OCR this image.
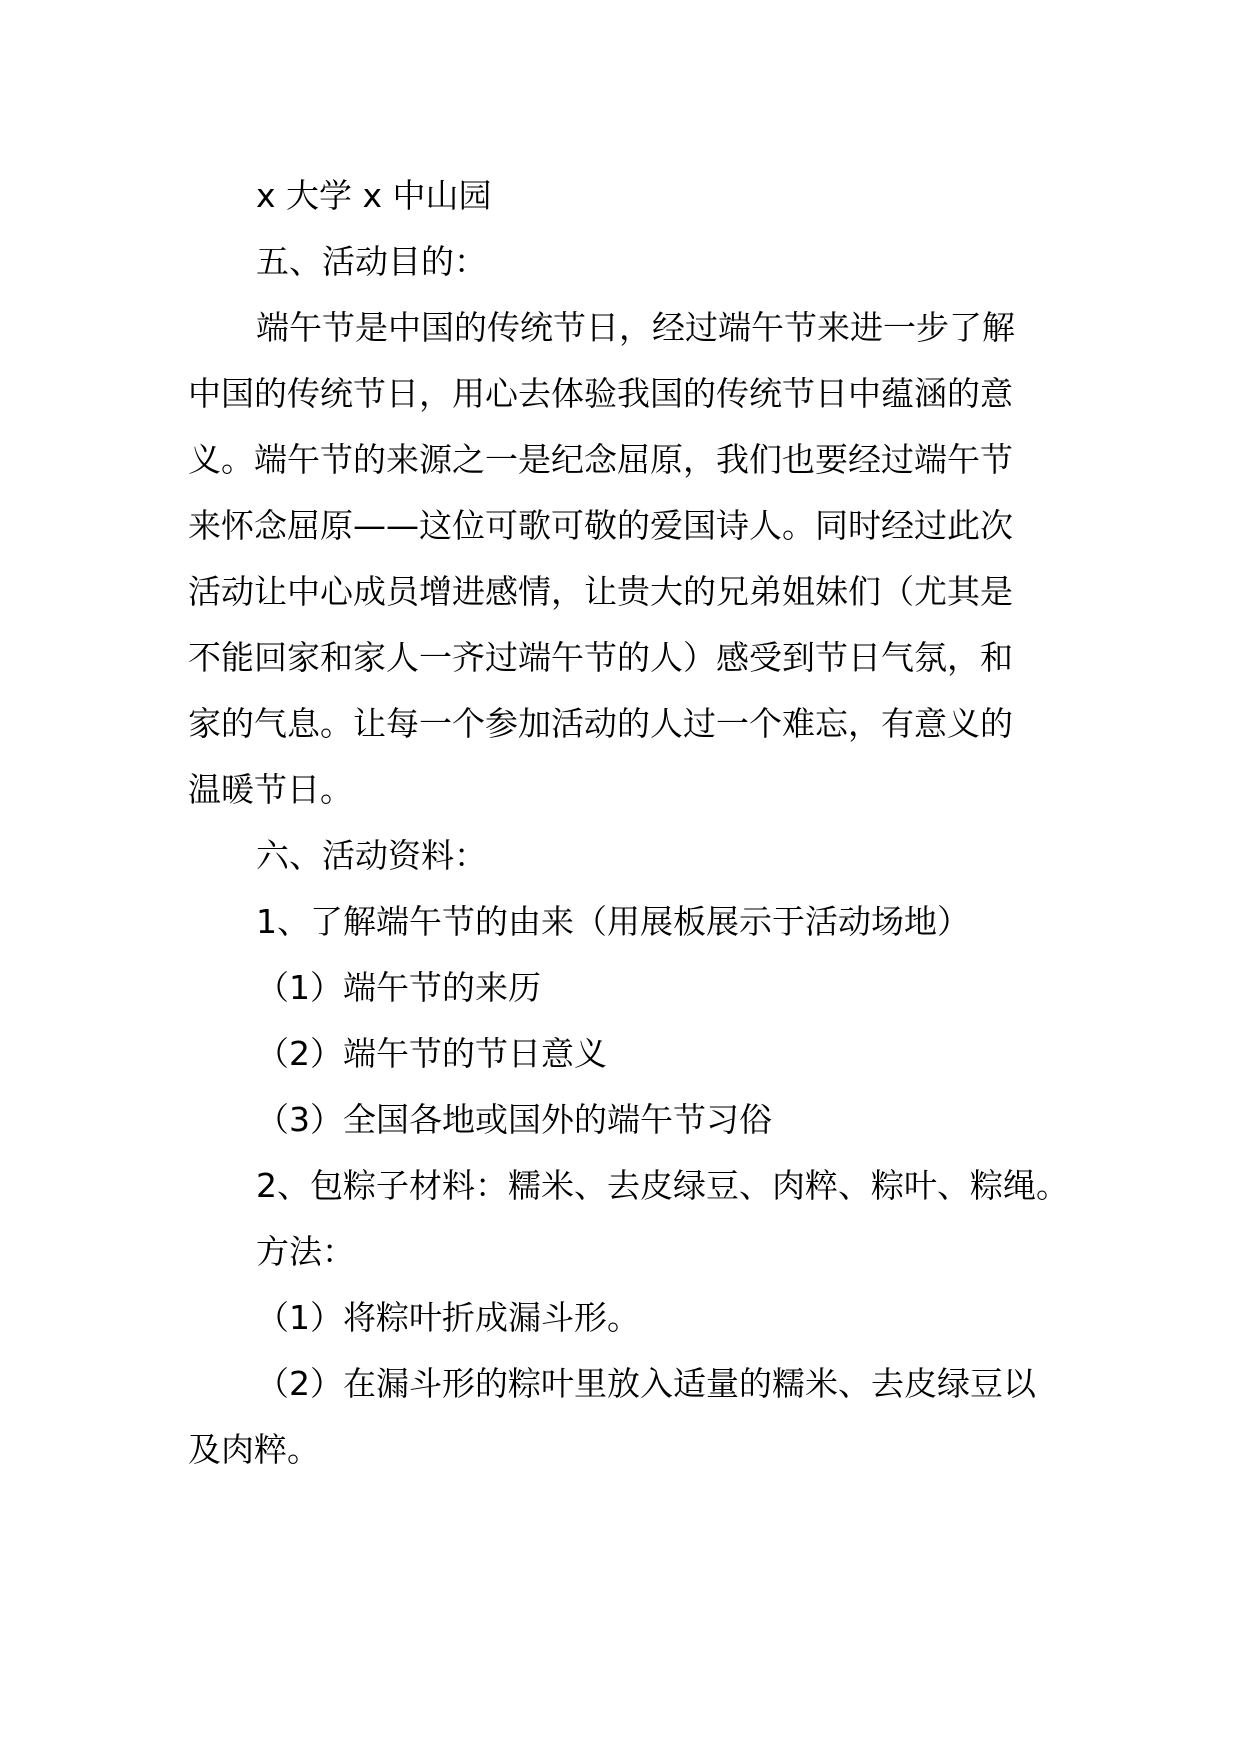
x 大学 x 中山园
五、活动目的：
端午节是中国的传统节日，经过端午节来进一步了解
中国的传统节日，用心去体验我国的传统节日中蕴涵的意
义。端午节的来源之一是纪念屈原，我们也要经过端午节
来怀念屈原——这位可歌可敬的爱国诗人。同时经过此次
活动让中心成员增进感情，让贵大的兄弟姐妹们（尤其是
不能回家和家人一齐过端午节的人）感受到节日气氛，和
家的气息。让每一个参加活动的人过一个难忘，有意义的
温暖节日。
六、活动资料：
1、了解端午节的由来（用展板展示于活动场地）
（1）端午节的来历
（2）端午节的节日意义
（3）全国各地或国外的端午节习俗
2、包粽子材料：糯米、去皮绿豆、肉粹、粽叶、粽绳。
方法：
（1）将粽叶折成漏斗形。
（2）在漏斗形的粽叶里放入适量的糯米、去皮绿豆以
及肉粹。
